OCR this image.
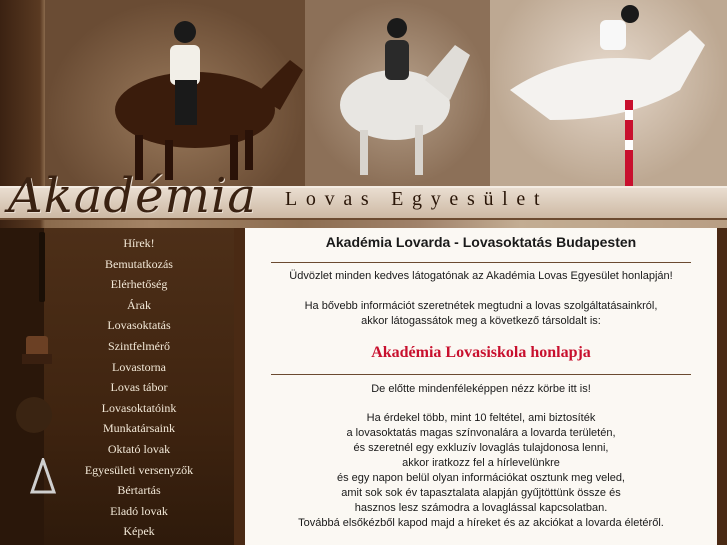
Akadémia Lovas Egyesület
Hírek!
Bemutatkozás
Elérhetőség
Árak
Lovasoktatás
Szintfelmérő
Lovastorna
Lovas tábor
Lovasoktatóink
Munkatársaink
Oktató lovak
Egyesületi versenyzők
Bértartás
Eladó lovak
Képek
Akadémia Lovarda - Lovasoktatás Budapesten
Üdvözlet minden kedves látogatónak az Akadémia Lovas Egyesület honlapján!
Ha bővebb információt szeretnétek megtudni a lovas szolgáltatásainkról,
akkor látogassátok meg a következő társoldalt is:
Akadémia Lovasiskola honlapja
De előtte mindenféleképpen nézz körbe itt is!
Ha érdekel több, mint 10 feltétel, ami biztosíték
a lovasoktatás magas színvonalára a lovarda területén,
és szeretnél egy exkluzív lovaglás tulajdonosa lenni,
akkor iratkozz fel a hírlevelünkre
és egy napon belül olyan információkat osztunk meg veled,
amit sok sok év tapasztalata alapján gyűjtöttünk össze és
hasznos lesz számodra a lovaglással kapcsolatban.
Továbbá elsőkézből kapod majd a híreket és az akciókat a lovarda életéről.
